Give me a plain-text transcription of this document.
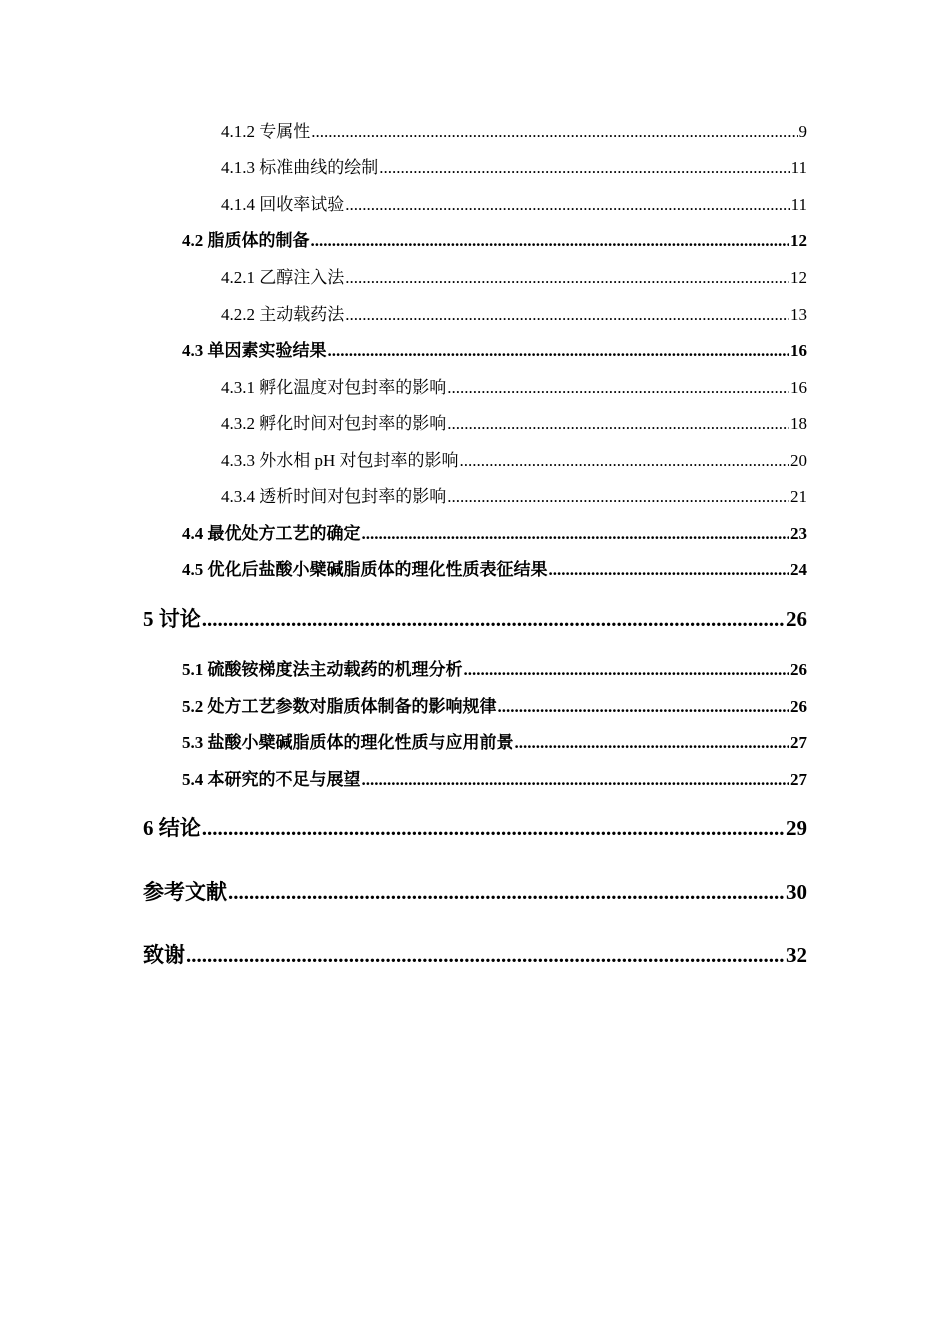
4.1.2 专属性 .....	9
4.1.3 标准曲线的绘制 .....	11
4.1.4 回收率试验 .....	11
4.2 脂质体的制备 .....	12
4.2.1 乙醇注入法 .....	12
4.2.2 主动载药法 .....	13
4.3 单因素实验结果 .....	16
4.3.1 孵化温度对包封率的影响 .....	16
4.3.2 孵化时间对包封率的影响 .....	18
4.3.3 外水相 pH 对包封率的影响 .....	20
4.3.4 透析时间对包封率的影响 .....	21
4.4 最优处方工艺的确定 .....	23
4.5 优化后盐酸小檗碱脂质体的理化性质表征结果 .....	24
5 讨论 .....	26
5.1 硫酸铵梯度法主动载药的机理分析 .....	26
5.2 处方工艺参数对脂质体制备的影响规律 .....	26
5.3 盐酸小檗碱脂质体的理化性质与应用前景 .....	27
5.4 本研究的不足与展望 .....	27
6 结论 .....	29
参考文献 .....	30
致谢 .....	32
